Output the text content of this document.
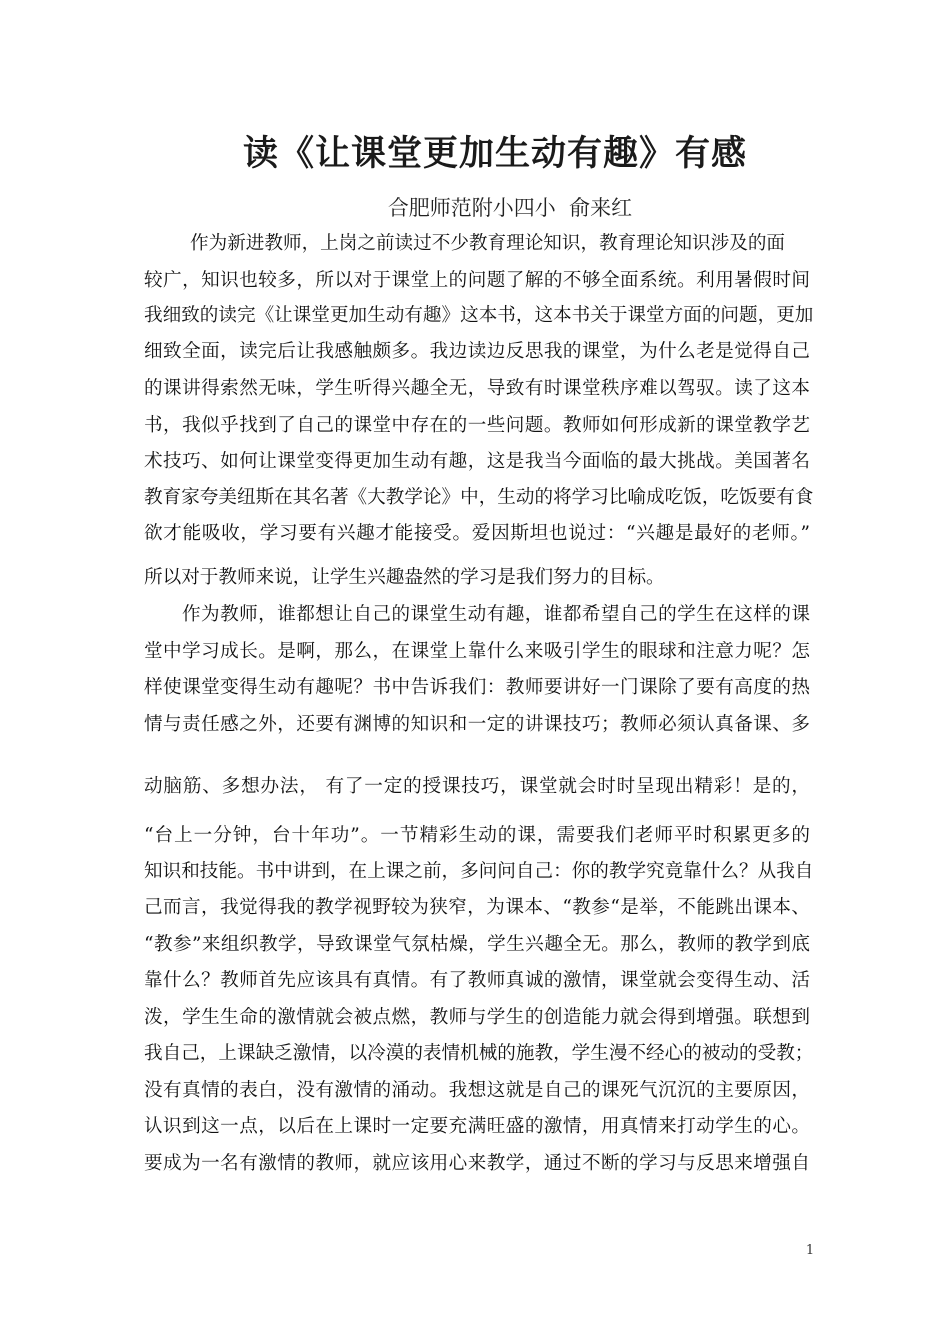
读《让课堂更加生动有趣》有感
合肥师范附小四小  俞来红
作为新进教师，上岗之前读过不少教育理论知识，教育理论知识涉及的面
较广，知识也较多，所以对于课堂上的问题了解的不够全面系统。利用暑假时间
我细致的读完《让课堂更加生动有趣》这本书，这本书关于课堂方面的问题，更加
细致全面，读完后让我感触颇多。我边读边反思我的课堂，为什么老是觉得自己
的课讲得索然无味，学生听得兴趣全无，导致有时课堂秩序难以驾驭。读了这本
书，我似乎找到了自己的课堂中存在的一些问题。教师如何形成新的课堂教学艺
术技巧、如何让课堂变得更加生动有趣，这是我当今面临的最大挑战。美国著名
教育家夸美纽斯在其名著《大教学论》中，生动的将学习比喻成吃饭，吃饭要有食
欲才能吸收，学习要有兴趣才能接受。爱因斯坦也说过：“兴趣是最好的老师。”
所以对于教师来说，让学生兴趣盎然的学习是我们努力的目标。
作为教师，谁都想让自己的课堂生动有趣，谁都希望自己的学生在这样的课
堂中学习成长。是啊，那么，在课堂上靠什么来吸引学生的眼球和注意力呢？怎
样使课堂变得生动有趣呢？书中告诉我们：教师要讲好一门课除了要有高度的热
情与责任感之外，还要有渊博的知识和一定的讲课技巧；教师必须认真备课、多
动脑筋、多想办法， 有了一定的授课技巧，课堂就会时时呈现出精彩！是的，
“台上一分钟，台十年功”。一节精彩生动的课，需要我们老师平时积累更多的
知识和技能。书中讲到，在上课之前，多问问自己：你的教学究竟靠什么？从我自
己而言，我觉得我的教学视野较为狭窄，为课本、“教参“是举，不能跳出课本、
“教参”来组织教学，导致课堂气氛枯燥，学生兴趣全无。那么，教师的教学到底
靠什么？教师首先应该具有真情。有了教师真诚的激情，课堂就会变得生动、活
泼，学生生命的激情就会被点燃，教师与学生的创造能力就会得到增强。联想到
我自己，上课缺乏激情，以冷漠的表情机械的施教，学生漫不经心的被动的受教；
没有真情的表白，没有激情的涌动。我想这就是自己的课死气沉沉的主要原因，
认识到这一点，以后在上课时一定要充满旺盛的激情，用真情来打动学生的心。
要成为一名有激情的教师，就应该用心来教学，通过不断的学习与反思来增强自
1
